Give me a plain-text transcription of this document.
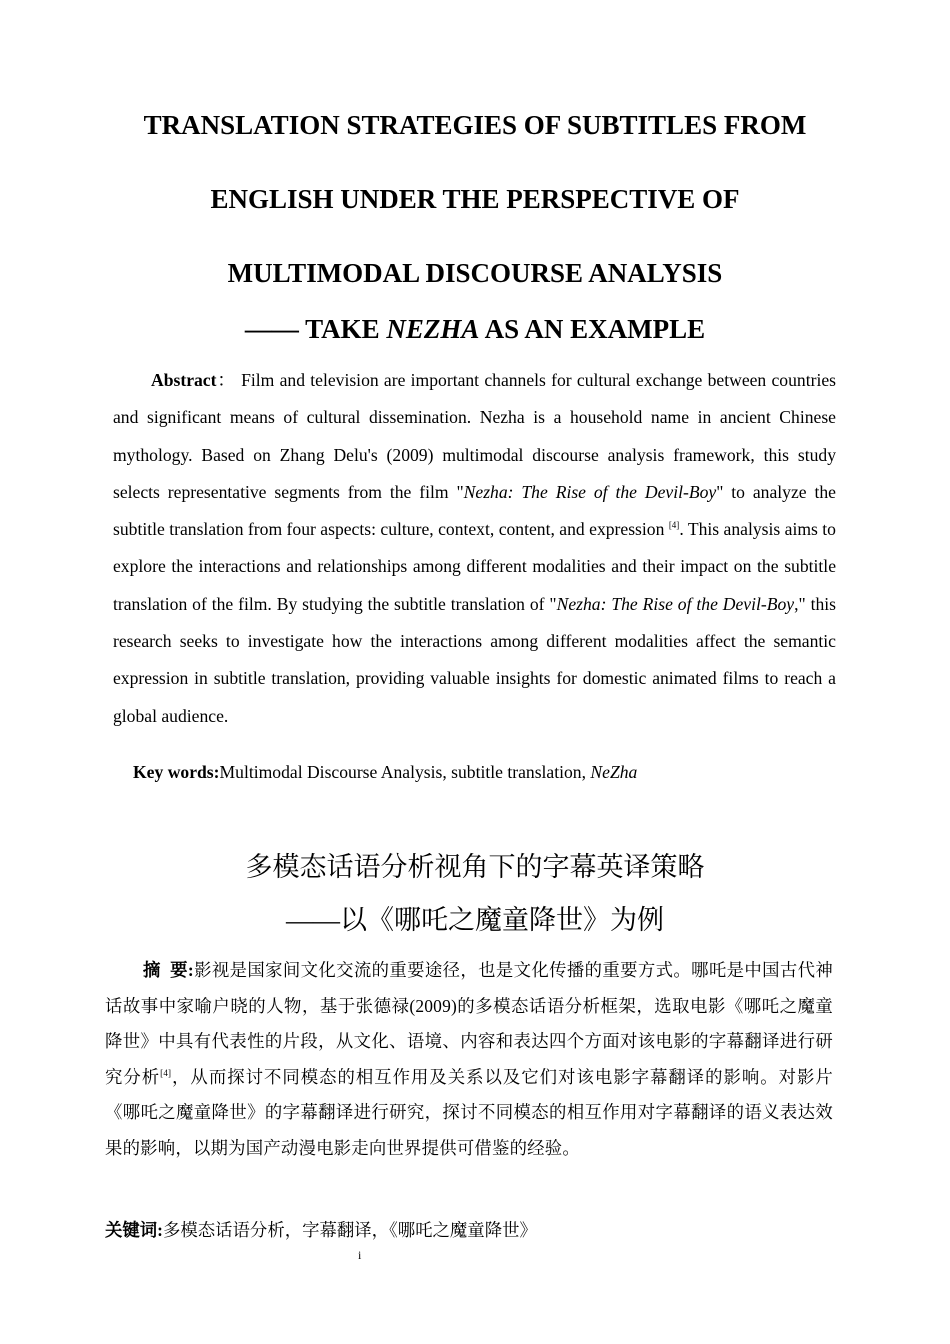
TRANSLATION STRATEGIES OF SUBTITLES FROM
ENGLISH UNDER THE PERSPECTIVE OF
MULTIMODAL DISCOURSE ANALYSIS
—— TAKE NEZHA AS AN EXAMPLE

Abstract： Film and television are important channels for cultural exchange between countries and significant means of cultural dissemination. Nezha is a household name in ancient Chinese mythology. Based on Zhang Delu's (2009) multimodal discourse analysis framework, this study selects representative segments from the film "Nezha: The Rise of the Devil-Boy" to analyze the subtitle translation from four aspects: culture, context, content, and expression [4]. This analysis aims to explore the interactions and relationships among different modalities and their impact on the subtitle translation of the film. By studying the subtitle translation of "Nezha: The Rise of the Devil-Boy," this research seeks to investigate how the interactions among different modalities affect the semantic expression in subtitle translation, providing valuable insights for domestic animated films to reach a global audience.

Key words:Multimodal Discourse Analysis, subtitle translation, NeZha
多模态话语分析视角下的字幕英译策略
——以《哪吒之魔童降世》为例

摘  要:影视是国家间文化交流的重要途径，也是文化传播的重要方式。哪吒是中国古代神话故事中家喻户晓的人物，基于张德禄(2009)的多模态话语分析框架，选取电影《哪吒之魔童降世》中具有代表性的片段，从文化、语境、内容和表达四个方面对该电影的字幕翻译进行研究分析[4]，从而探讨不同模态的相互作用及关系以及它们对该电影字幕翻译的影响。对影片《哪吒之魔童降世》的字幕翻译进行研究，探讨不同模态的相互作用对字幕翻译的语义表达效果的影响，以期为国产动漫电影走向世界提供可借鉴的经验。

关键词:多模态话语分析，字幕翻译，《哪吒之魔童降世》
i
